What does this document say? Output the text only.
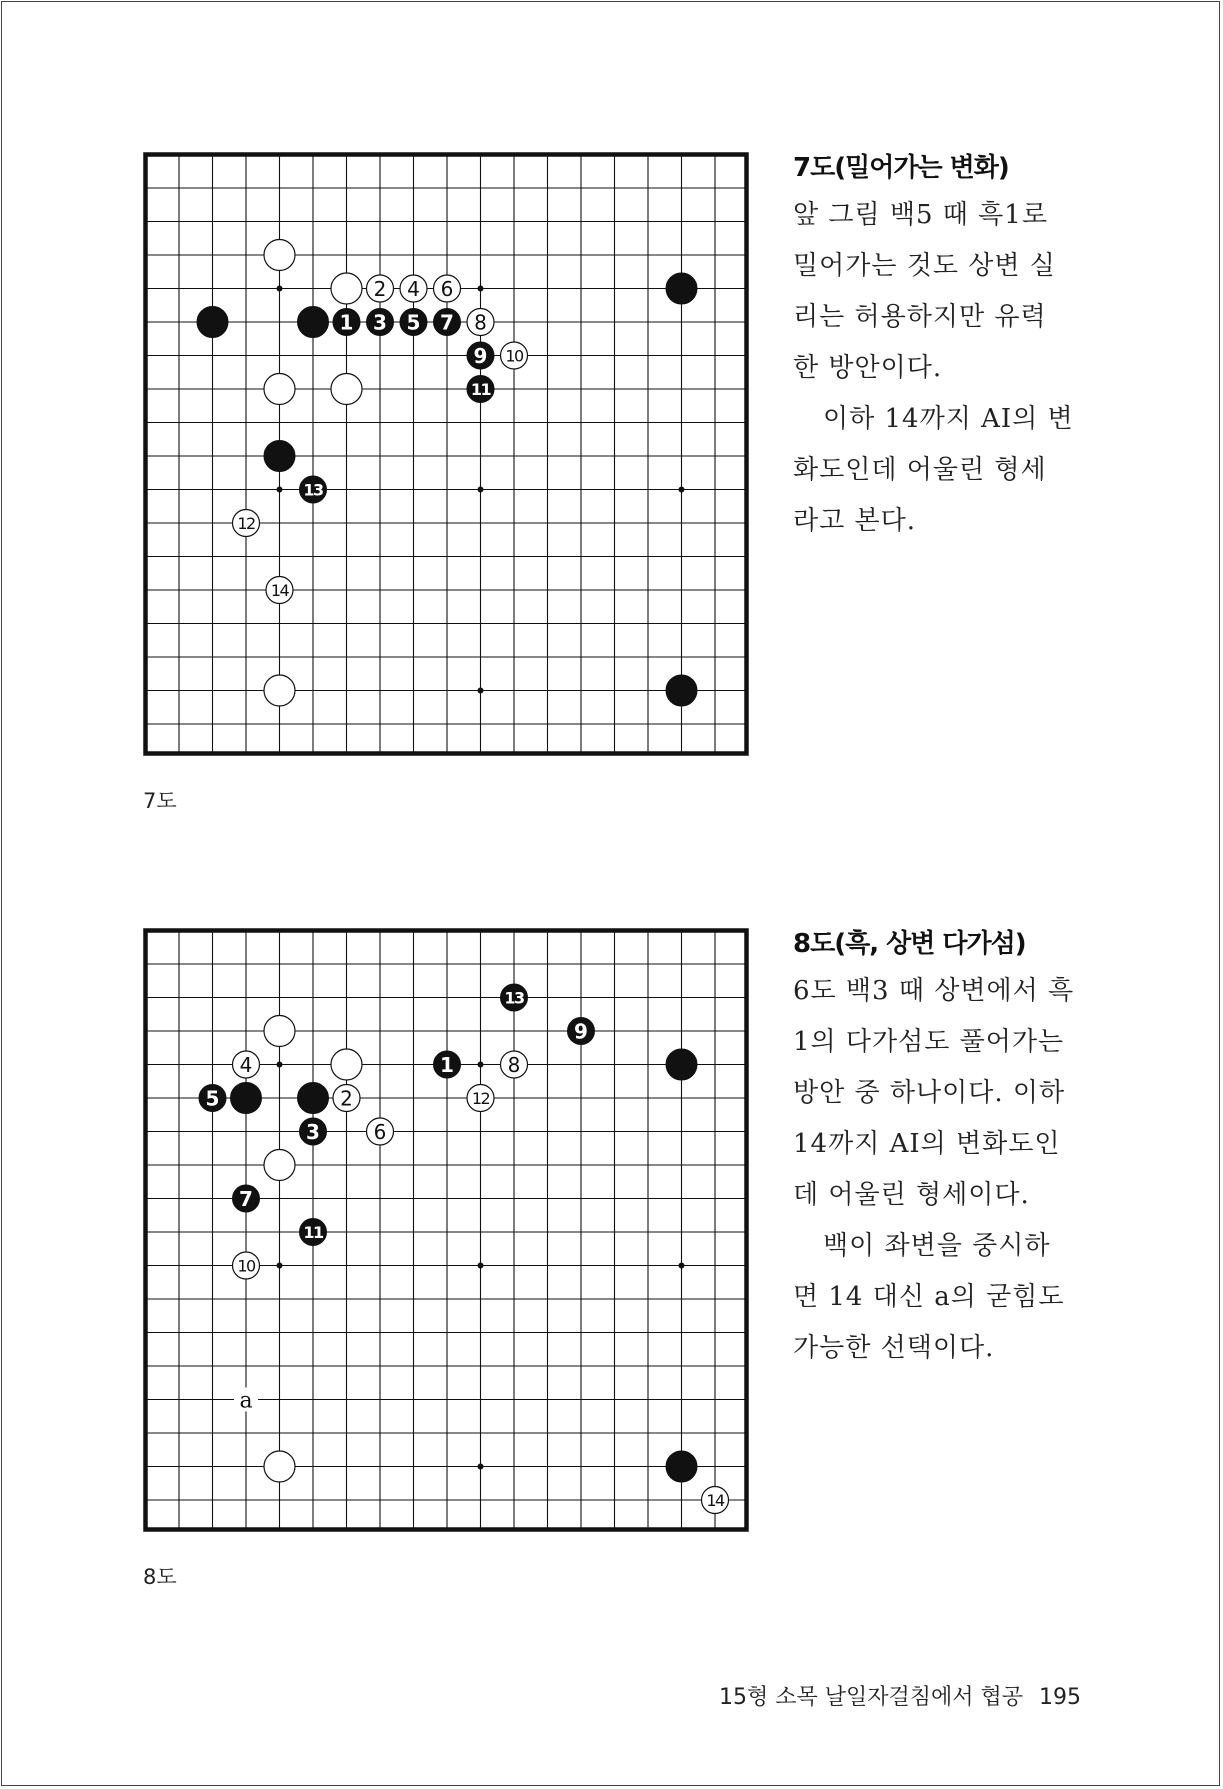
2 4 6
1 3 5 7 8
9 10
11
13
12
14
7도
7도(밀어가는 변화)

앞 그림 백5 때 흑1로

밀어가는 것도 상변 실

리는 허용하지만 유력

한 방안이다.

이하 14까지 AI의 변

화도인데 어울린 형세

라고 본다.

a
13
9
4	1	8
5	2	12
3	6
7
11
10
14
8도
8도(흑, 상변 다가섬)

6도 백3 때 상변에서 흑

1의 다가섬도 풀어가는

방안 중 하나이다. 이하

14까지 AI의 변화도인

데 어울린 형세이다.

백이 좌변을 중시하

면 14 대신 a의 굳힘도

가능한 선택이다.

15형 소목 날일자걸침에서 협공 195
